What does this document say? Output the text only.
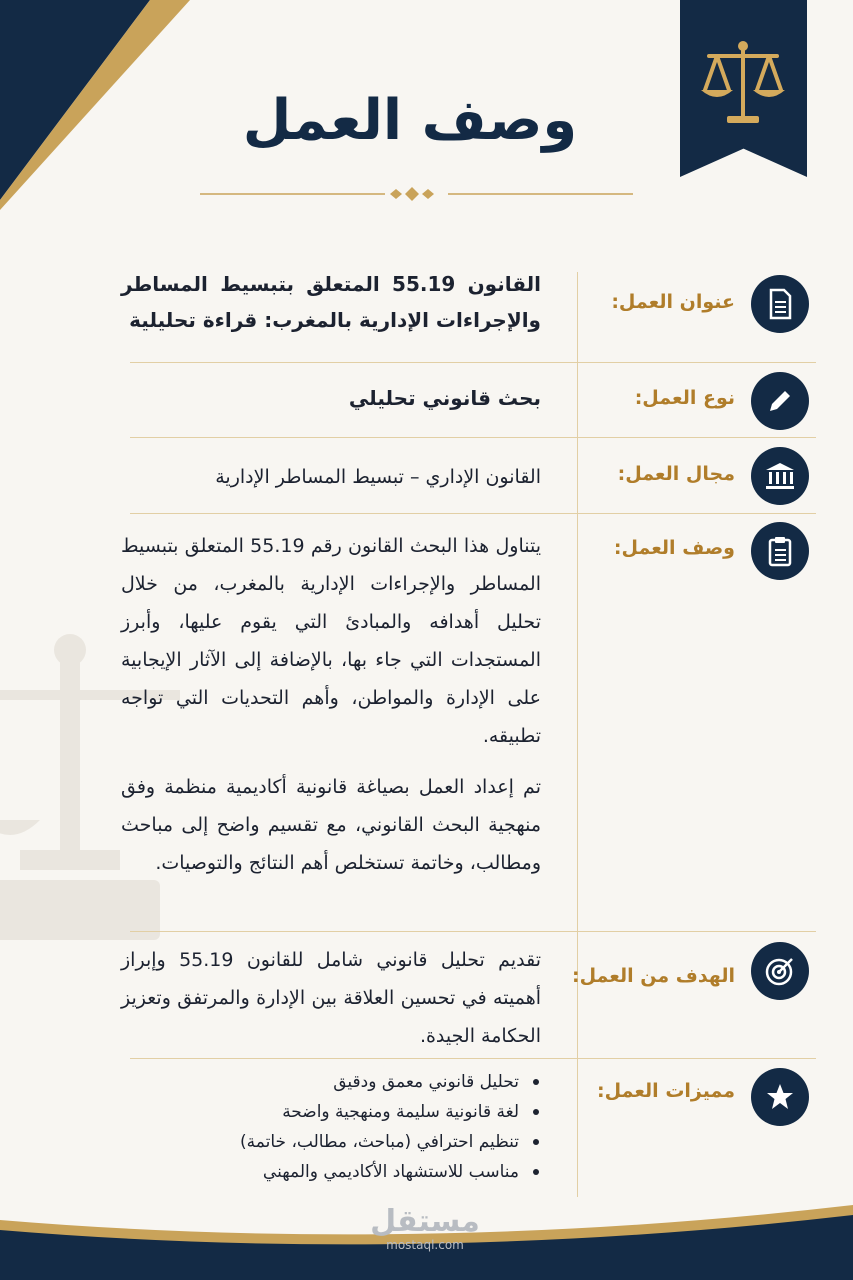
وصف العمل
عنوان العمل:
القانون 55.19 المتعلق بتبسيط المساطر والإجراءات الإدارية بالمغرب: قراءة تحليلية
نوع العمل:
بحث قانوني تحليلي
مجال العمل:
القانون الإداري – تبسيط المساطر الإدارية
وصف العمل:
يتناول هذا البحث القانون رقم 55.19 المتعلق بتبسيط المساطر والإجراءات الإدارية بالمغرب، من خلال تحليل أهدافه والمبادئ التي يقوم عليها، وأبرز المستجدات التي جاء بها، بالإضافة إلى الآثار الإيجابية على الإدارة والمواطن، وأهم التحديات التي تواجه تطبيقه.
تم إعداد العمل بصياغة قانونية أكاديمية منظمة وفق منهجية البحث القانوني، مع تقسيم واضح إلى مباحث ومطالب، وخاتمة تستخلص أهم النتائج والتوصيات.
الهدف من العمل:
تقديم تحليل قانوني شامل للقانون 55.19 وإبراز أهميته في تحسين العلاقة بين الإدارة والمرتفق وتعزيز الحكامة الجيدة.
مميزات العمل:
تحليل قانوني معمق ودقيق
لغة قانونية سليمة ومنهجية واضحة
تنظيم احترافي (مباحث، مطالب، خاتمة)
مناسب للاستشهاد الأكاديمي والمهني
مستقل
mostaql.com
